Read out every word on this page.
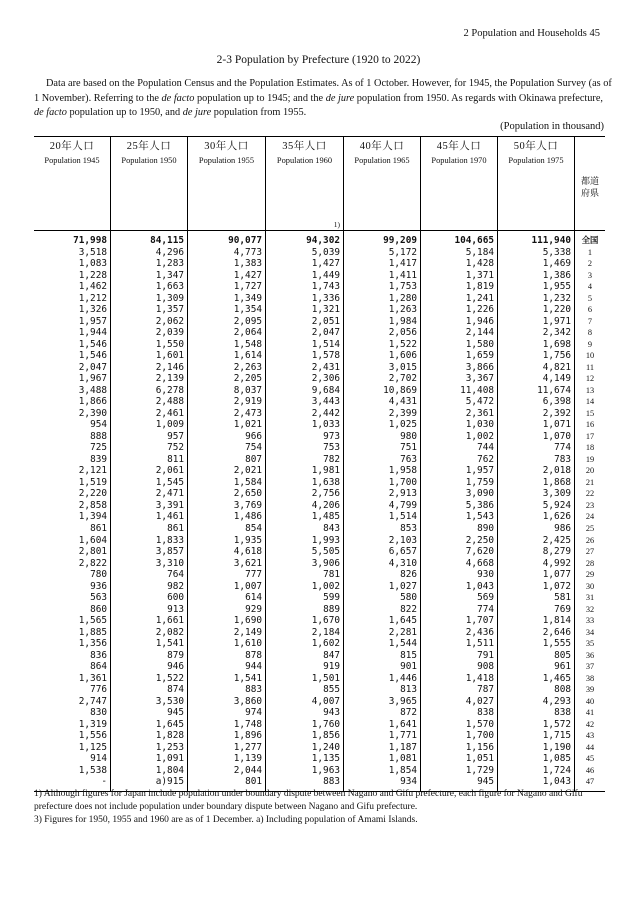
2 Population and Households 45
2-3 Population by Prefecture (1920 to 2022)
Data are based on the Population Census and the Population Estimates. As of 1 October. However, for 1945, the Population Survey (as of 1 November). Referring to the de facto population up to 1945; and the de jure population from 1950. As regards with Okinawa prefecture, de facto population up to 1950, and de jure population from 1955.
(Population in thousand)
20年人口
Population 1945
25年人口
Population 1950
30年人口
Population 1955
35年人口
Population 1960
1)
40年人口
Population 1965
45年人口
Population 1970
50年人口
Population 1975
都道
府県
71,998	84,115	90,077	94,302	99,209	104,665	111,940	全国
3,518	4,296	4,773	5,039	5,172	5,184	5,338	1
1,083	1,283	1,383	1,427	1,417	1,428	1,469	2
1,228	1,347	1,427	1,449	1,411	1,371	1,386	3
1,462	1,663	1,727	1,743	1,753	1,819	1,955	4
1,212	1,309	1,349	1,336	1,280	1,241	1,232	5
1,326	1,357	1,354	1,321	1,263	1,226	1,220	6
1,957	2,062	2,095	2,051	1,984	1,946	1,971	7
1,944	2,039	2,064	2,047	2,056	2,144	2,342	8
1,546	1,550	1,548	1,514	1,522	1,580	1,698	9
1,546	1,601	1,614	1,578	1,606	1,659	1,756	10
2,047	2,146	2,263	2,431	3,015	3,866	4,821	11
1,967	2,139	2,205	2,306	2,702	3,367	4,149	12
3,488	6,278	8,037	9,684	10,869	11,408	11,674	13
1,866	2,488	2,919	3,443	4,431	5,472	6,398	14
2,390	2,461	2,473	2,442	2,399	2,361	2,392	15
954	1,009	1,021	1,033	1,025	1,030	1,071	16
888	957	966	973	980	1,002	1,070	17
725	752	754	753	751	744	774	18
839	811	807	782	763	762	783	19
2,121	2,061	2,021	1,981	1,958	1,957	2,018	20
1,519	1,545	1,584	1,638	1,700	1,759	1,868	21
2,220	2,471	2,650	2,756	2,913	3,090	3,309	22
2,858	3,391	3,769	4,206	4,799	5,386	5,924	23
1,394	1,461	1,486	1,485	1,514	1,543	1,626	24
861	861	854	843	853	890	986	25
1,604	1,833	1,935	1,993	2,103	2,250	2,425	26
2,801	3,857	4,618	5,505	6,657	7,620	8,279	27
2,822	3,310	3,621	3,906	4,310	4,668	4,992	28
780	764	777	781	826	930	1,077	29
936	982	1,007	1,002	1,027	1,043	1,072	30
563	600	614	599	580	569	581	31
860	913	929	889	822	774	769	32
1,565	1,661	1,690	1,670	1,645	1,707	1,814	33
1,885	2,082	2,149	2,184	2,281	2,436	2,646	34
1,356	1,541	1,610	1,602	1,544	1,511	1,555	35
836	879	878	847	815	791	805	36
864	946	944	919	901	908	961	37
1,361	1,522	1,541	1,501	1,446	1,418	1,465	38
776	874	883	855	813	787	808	39
2,747	3,530	3,860	4,007	3,965	4,027	4,293	40
830	945	974	943	872	838	838	41
1,319	1,645	1,748	1,760	1,641	1,570	1,572	42
1,556	1,828	1,896	1,856	1,771	1,700	1,715	43
1,125	1,253	1,277	1,240	1,187	1,156	1,190	44
914	1,091	1,139	1,135	1,081	1,051	1,085	45
1,538	1,804	2,044	1,963	1,854	1,729	1,724	46
-	a)915	801	883	934	945	1,043	47
1) Although figures for Japan include population under boundary dispute between Nagano and Gifu prefecture, each figure for Nagano and Gifu prefecture does not include population under boundary dispute between Nagano and Gifu prefecture.
3) Figures for 1950, 1955 and 1960 are as of 1 December. a) Including population of Amami Islands.
